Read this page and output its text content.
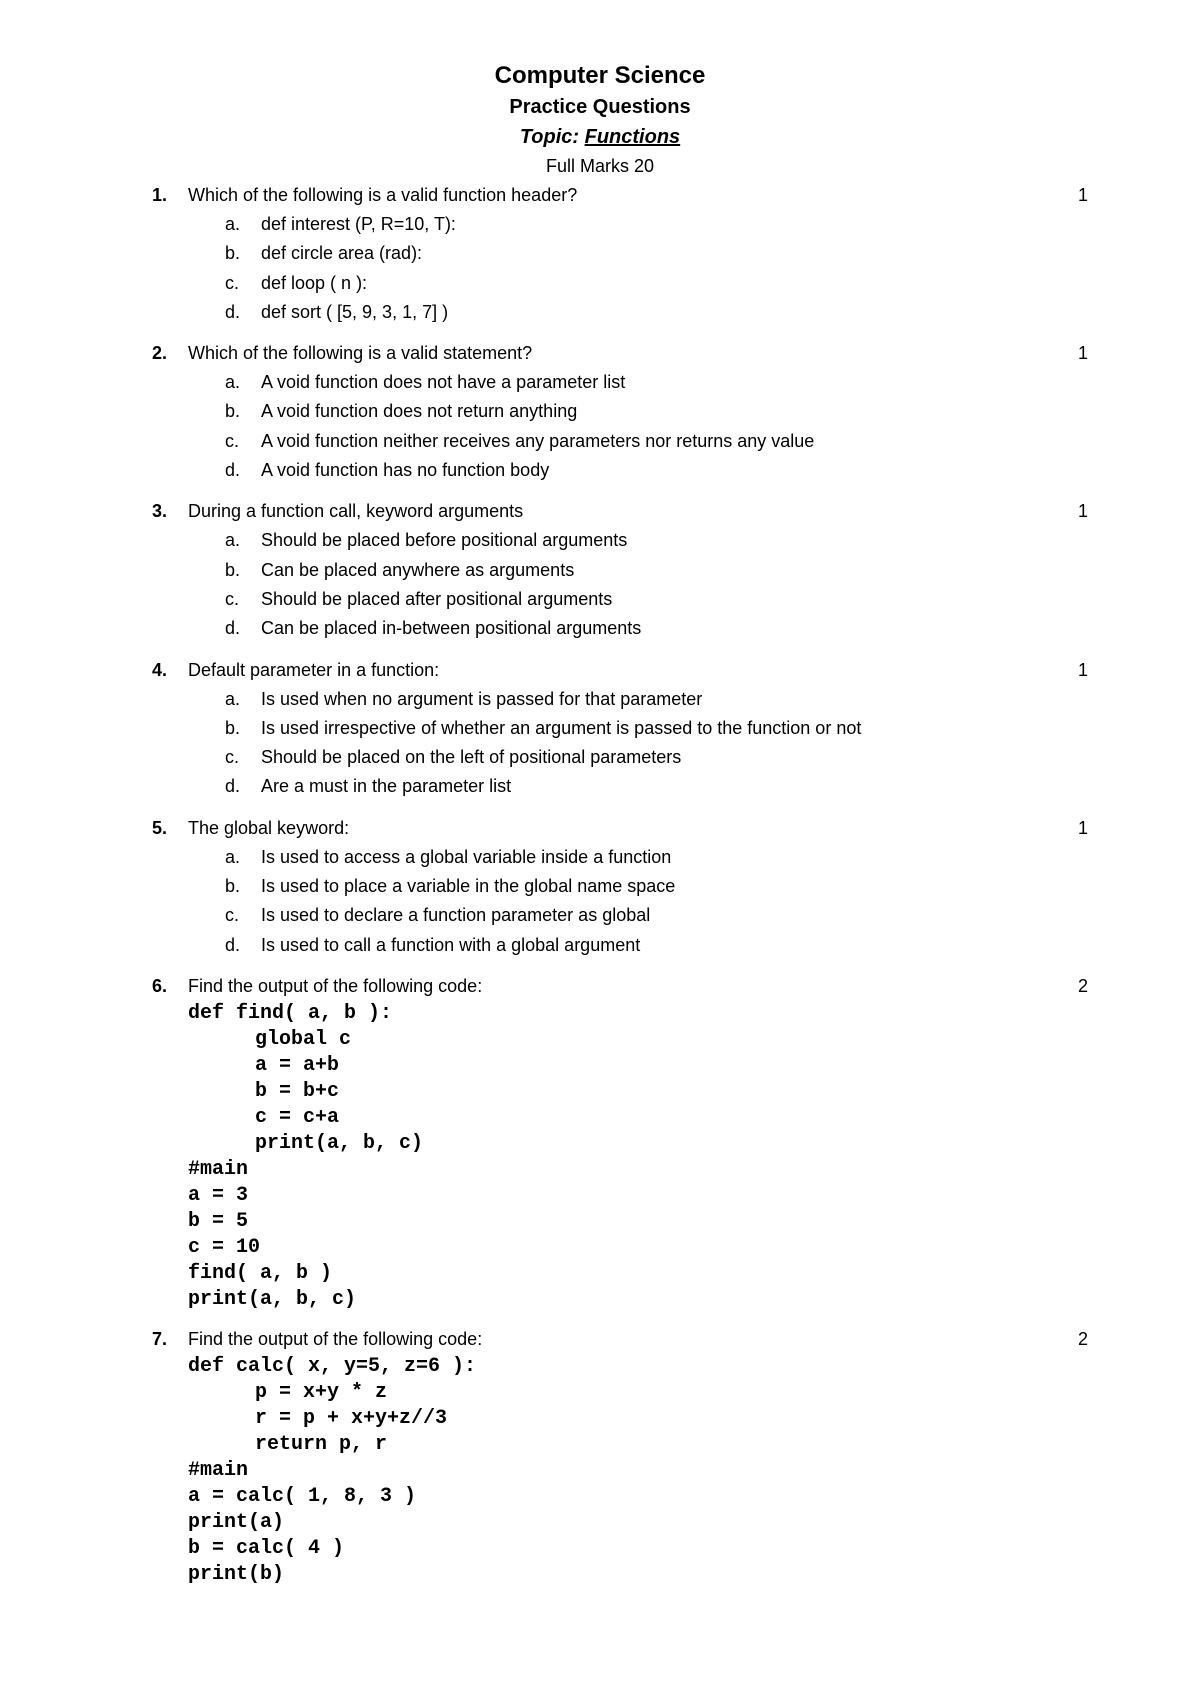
Computer Science
Practice Questions
Topic: Functions
Full Marks 20
1. Which of the following is a valid function header?	1
a. def interest (P, R=10, T):
b. def circle area (rad):
c. def loop ( n ):
d. def sort ( [5, 9, 3, 1, 7] )
2. Which of the following is a valid statement?	1
a. A void function does not have a parameter list
b. A void function does not return anything
c. A void function neither receives any parameters nor returns any value
d. A void function has no function body
3. During a function call, keyword arguments	1
a. Should be placed before positional arguments
b. Can be placed anywhere as arguments
c. Should be placed after positional arguments
d. Can be placed in-between positional arguments
4. Default parameter in a function:	1
a. Is used when no argument is passed for that parameter
b. Is used irrespective of whether an argument is passed to the function or not
c. Should be placed on the left of positional parameters
d. Are a must in the parameter list
5. The global keyword:	1
a. Is used to access a global variable inside a function
b. Is used to place a variable in the global name space
c. Is used to declare a function parameter as global
d. Is used to call a function with a global argument
6. Find the output of the following code:	2
def find( a, b ):
global c
a = a+b
b = b+c
c = c+a
print(a, b, c)
#main
a = 3
b = 5
c = 10
find( a, b )
print(a, b, c)
7. Find the output of the following code:	2
def calc( x, y=5, z=6 ):
p = x+y * z
r = p + x+y+z//3
return p, r
#main
a = calc( 1, 8, 3 )
print(a)
b = calc( 4 )
print(b)
